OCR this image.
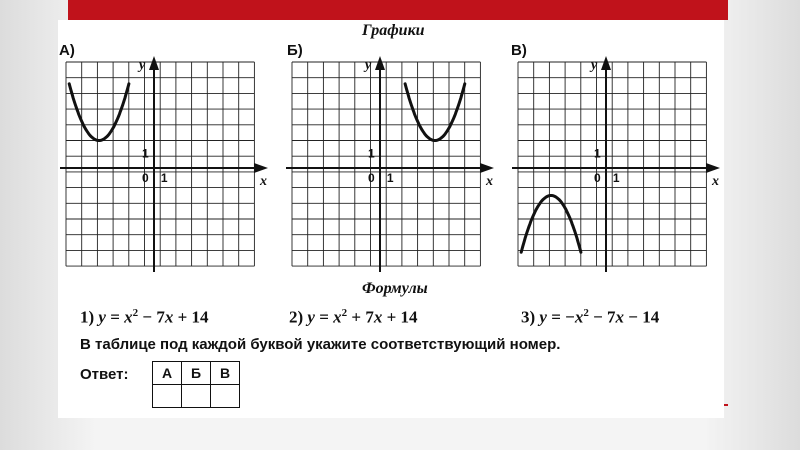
Графики
А)	Б)	В)
y
x
0 1
1
y
x
0 1
1
y
x
0 1
1
Формулы
1) $y = x^2 - 7x + 14$	2) $y = x^2 + 7x + 14$	3) $y = -x^2 - 7x - 14$
В таблице под каждой буквой укажите соответствующий номер.
Ответ: А	Б	В
